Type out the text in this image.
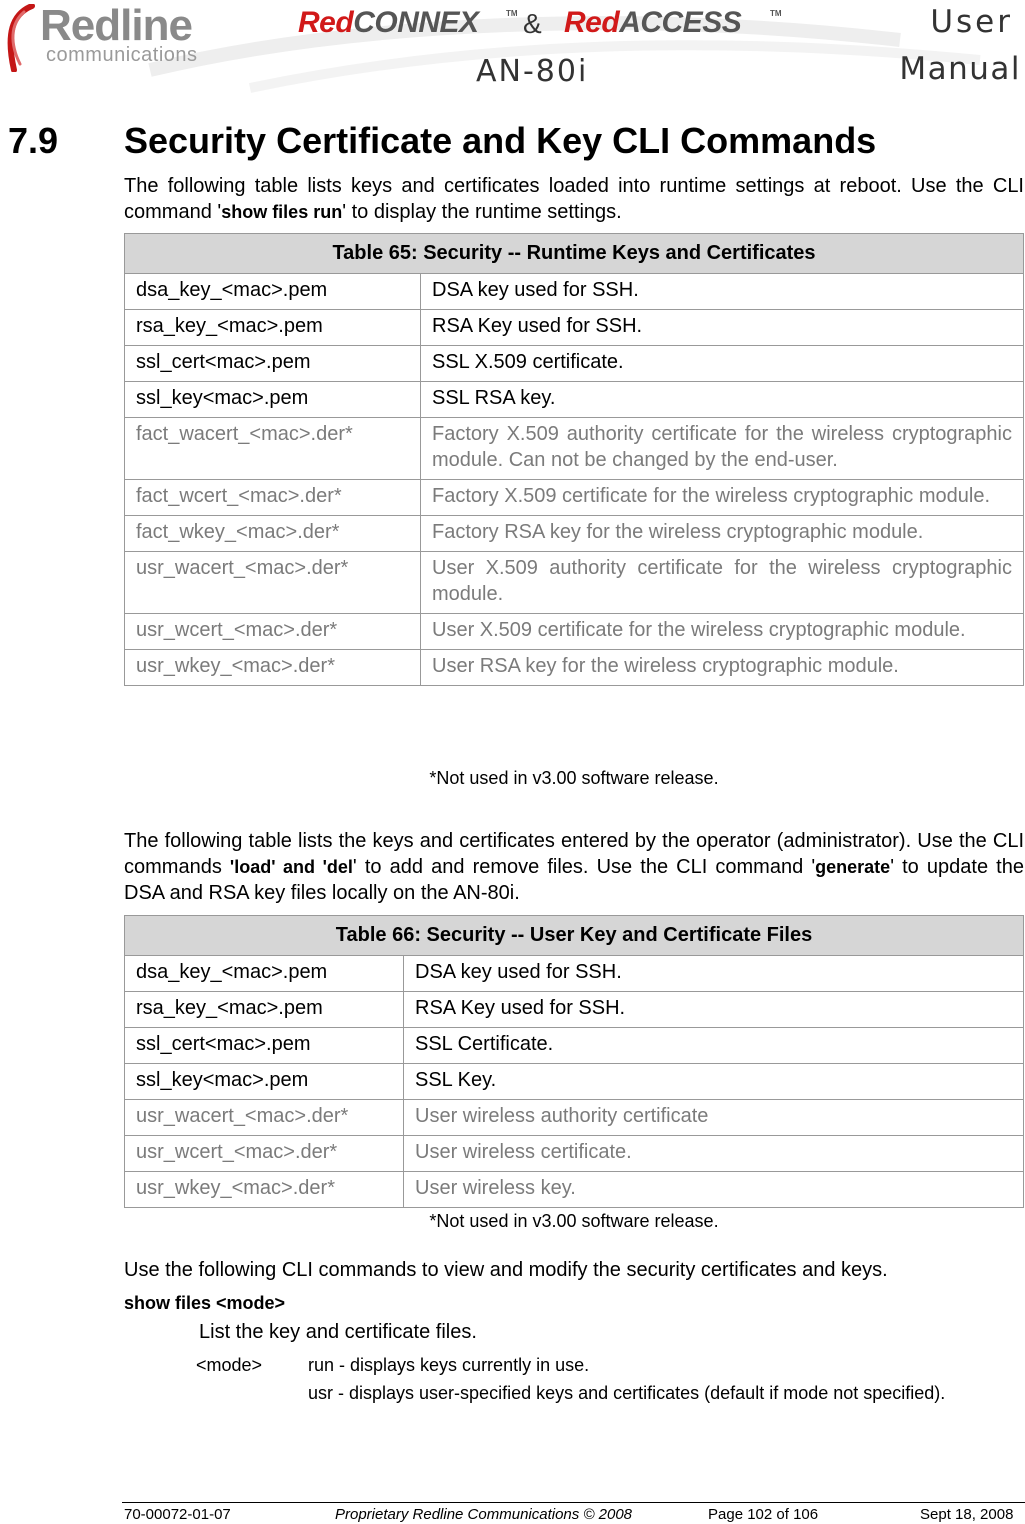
Redline
communications
RedCONNEX	TM & RedACCESS	TM
AN-80i
User
Manual
7.9 Security Certificate and Key CLI Commands

The following table lists keys and certificates loaded into runtime settings at reboot. Use the CLI command 'show files run' to display the runtime settings.

Table 65: Security -- Runtime Keys and Certificates	
dsa_key_<mac>.pem	DSA key used for SSH.
rsa_key_<mac>.pem	RSA Key used for SSH.
ssl_cert<mac>.pem	SSL X.509 certificate.
ssl_key<mac>.pem	SSL RSA key.
fact_wacert_<mac>.der*	Factory X.509 authority certificate for the wireless cryptographic module. Can not be changed by the end-user.
fact_wcert_<mac>.der*	Factory X.509 certificate for the wireless cryptographic module.
fact_wkey_<mac>.der*	Factory RSA key for the wireless cryptographic module.
usr_wacert_<mac>.der*	User X.509 authority certificate for the wireless cryptographic module.
usr_wcert_<mac>.der*	User X.509 certificate for the wireless cryptographic module.
usr_wkey_<mac>.der*	User RSA key for the wireless cryptographic module.
*Not used in v3.00 software release.

The following table lists the keys and certificates entered by the operator (administrator). Use the CLI commands 'load' and 'del' to add and remove files. Use the CLI command 'generate' to update the DSA and RSA key files locally on the AN-80i.

Table 66: Security -- User Key and Certificate Files	
dsa_key_<mac>.pem	DSA key used for SSH.
rsa_key_<mac>.pem	RSA Key used for SSH.
ssl_cert<mac>.pem	SSL Certificate.
ssl_key<mac>.pem	SSL Key.
usr_wacert_<mac>.der*	User wireless authority certificate
usr_wcert_<mac>.der*	User wireless certificate.
usr_wkey_<mac>.der*	User wireless key.
*Not used in v3.00 software release.

Use the following CLI commands to view and modify the security certificates and keys.

show files <mode>
List the key and certificate files.
<mode>	run - displays keys currently in use.
usr - displays user-specified keys and certificates (default if mode not specified).
70-00072-01-07	Proprietary Redline Communications © 2008	Page 102 of 106	Sept 18, 2008
